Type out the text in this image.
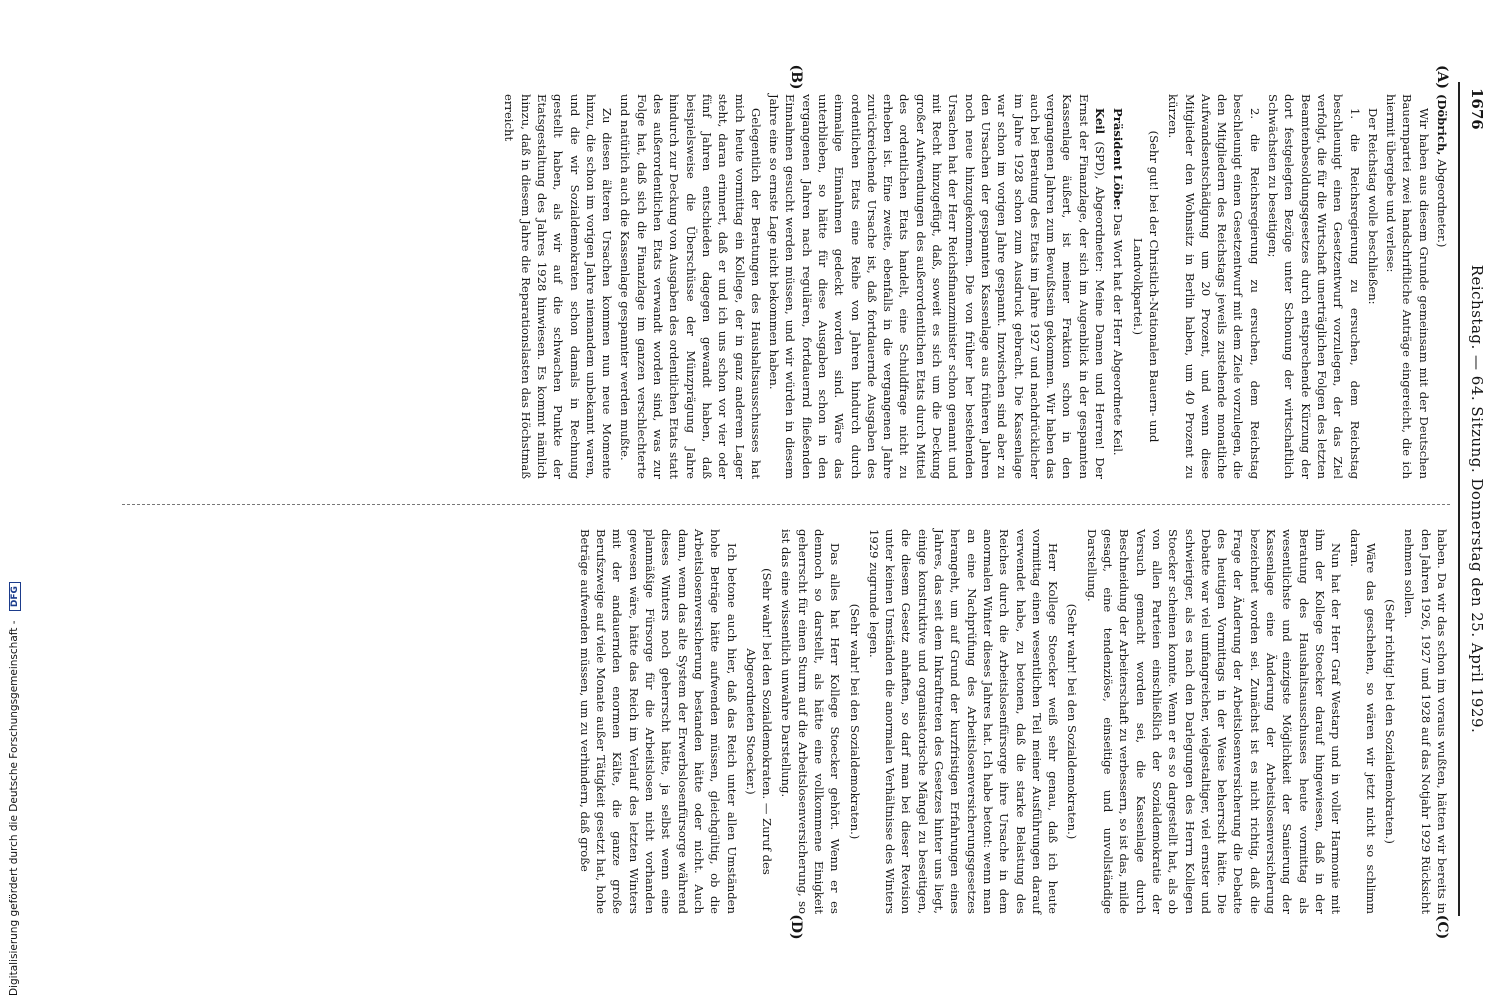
Digitalisierung gefördert durch die Deutsche Forschungsgemeinschaft - DFG
1676
Reichstag. — 64. Sitzung. Donnerstag den 25. April 1929.
(A)
(B)
(C)
(D)

(Döbrich, Abgeordneter.)

Wir haben aus diesem Grunde gemeinsam mit der Deutschen Bauernpartei zwei handschriftliche Anträge eingereicht, die ich hiermit übergebe und verlese:

Der Reichstag wolle beschließen:

1. die Reichsregierung zu ersuchen, dem Reichstag beschleunigt einen Gesetzentwurf vorzulegen, der das Ziel verfolgt, die für die Wirtschaft unerträglichen Folgen des letzten Beamtenbesoldungsgesetzes durch entsprechende Kürzung der dort festgelegten Bezüge unter Schonung der wirtschaftlich Schwächsten zu beseitigen;

2. die Reichsregierung zu ersuchen, dem Reichstag beschleunigt einen Gesetzentwurf mit dem Ziele vorzulegen, die den Mitgliedern des Reichstags jeweils zustehende monatliche Aufwandsentschädigung um 20 Prozent, und wenn diese Mitglieder den Wohnsitz in Berlin haben, um 40 Prozent zu kürzen.

(Sehr gut! bei der Christlich-Nationalen Bauern- und Landvolkpartei.)

Präsident Löbe: Das Wort hat der Herr Abgeordnete Keil.

Keil (SPD), Abgeordneter: Meine Damen und Herren! Der Ernst der Finanzlage, der sich im Augenblick in der gespannten Kassenlage äußert, ist meiner Fraktion schon in den vergangenen Jahren zum Bewußtsein gekommen. Wir haben das auch bei Beratung des Etats im Jahre 1927 und nachdrücklicher im Jahre 1928 schon zum Ausdruck gebracht. Die Kassenlage war schon im vorigen Jahre gespannt. Inzwischen sind aber zu den Ursachen der gespannten Kassenlage aus früheren Jahren noch neue hinzugekommen. Die von früher her bestehenden Ursachen hat der Herr Reichsfinanzminister schon genannt und mit Recht hinzugefügt, daß, soweit es sich um die Deckung großer Aufwendungen des außerordentlichen Etats durch Mittel des ordentlichen Etats handelt, eine Schuldfrage nicht zu erheben ist. Eine zweite, ebenfalls in die vergangenen Jahre zurückreichende Ursache ist, daß fortdauernde Ausgaben des ordentlichen Etats eine Reihe von Jahren hindurch durch einmalige Einnahmen gedeckt worden sind. Wäre das unterblieben, so hätte für diese Ausgaben schon in den vergangenen Jahren nach regulären, fortdauernd fließenden Einnahmen gesucht werden müssen, und wir würden in diesem Jahre eine so ernste Lage nicht bekommen haben.

Gelegentlich der Beratungen des Haushaltsausschusses hat mich heute vormittag ein Kollege, der in ganz anderem Lager steht, daran erinnert, daß er und ich uns schon vor vier oder fünf Jahren entschieden dagegen gewandt haben, daß beispielsweise die Überschüsse der Münzprägung Jahre hindurch zur Deckung von Ausgaben des ordentlichen Etats statt des außerordentlichen Etats verwandt worden sind, was zur Folge hat, daß sich die Finanzlage im ganzen verschlechterte und natürlich auch die Kassenlage gespannter werden mußte.

Zu diesen älteren Ursachen kommen nun neue Momente hinzu, die schon im vorigen Jahre niemandem unbekannt waren, und die wir Sozialdemokraten schon damals in Rechnung gestellt haben, als wir auf die schwachen Punkte der Etatsgestaltung des Jahres 1928 hinwiesen. Es kommt nämlich hinzu, daß in diesem Jahre die Reparationslasten das Höchstmaß erreicht

haben. Da wir das schon im voraus wußten, hätten wir bereits in den Jahren 1926, 1927 und 1928 auf das Notjahr 1929 Rücksicht nehmen sollen.

(Sehr richtig! bei den Sozialdemokraten.)

Wäre das geschehen, so wären wir jetzt nicht so schlimm daran.

Nun hat der Herr Graf Westarp und in voller Harmonie mit ihm der Kollege Stoecker darauf hingewiesen, daß in der Beratung des Haushaltsausschusses heute vormittag als wesentlichste und einzigste Möglichkeit der Sanierung der Kassenlage eine Änderung der Arbeitslosenversicherung bezeichnet worden sei. Zunächst ist es nicht richtig, daß die Frage der Änderung der Arbeitslosenversicherung die Debatte des heutigen Vormittags in der Weise beherrscht hätte. Die Debatte war viel umfangreicher, vielgestaltiger, viel ernster und schwieriger, als es nach den Darlegungen des Herrn Kollegen Stoecker scheinen konnte. Wenn er es so dargestellt hat, als ob von allen Parteien einschließlich der Sozialdemokratie der Versuch gemacht worden sei, die Kassenlage durch Beschneidung der Arbeiterschaft zu verbessern, so ist das, milde gesagt, eine tendenziöse, einseitige und unvollständige Darstellung.

(Sehr wahr! bei den Sozialdemokraten.)

Herr Kollege Stoecker weiß sehr genau, daß ich heute vormittag einen wesentlichen Teil meiner Ausführungen darauf verwendet habe, zu betonen, daß die starke Belastung des Reiches durch die Arbeitslosenfürsorge ihre Ursache in dem anormalen Winter dieses Jahres hat. Ich habe betont: wenn man an eine Nachprüfung des Arbeitslosenversicherungsgesetzes herangeht, um auf Grund der kurzfristigen Erfahrungen eines Jahres, das seit dem Inkrafttreten des Gesetzes hinter uns liegt, einige konstruktive und organisatorische Mängel zu beseitigen, die diesem Gesetz anhaften, so darf man bei dieser Revision unter keinen Umständen die anormalen Verhältnisse des Winters 1929 zugrunde legen.

(Sehr wahr! bei den Sozialdemokraten.)

Das alles hat Herr Kollege Stoecker gehört. Wenn er es dennoch so darstellt, als hätte eine vollkommene Einigkeit geherrscht für einen Sturm auf die Arbeitslosenversicherung, so ist das eine wissentlich unwahre Darstellung.

(Sehr wahr! bei den Sozialdemokraten. — Zuruf des Abgeordneten Stoecker.)

Ich betone auch hier, daß das Reich unter allen Umständen hohe Beträge hätte aufwenden müssen, gleichgültig, ob die Arbeitslosenversicherung bestanden hätte oder nicht. Auch dann, wenn das alte System der Erwerbslosenfürsorge während dieses Winters noch geherrscht hätte, ja selbst wenn eine planmäßige Fürsorge für die Arbeitslosen nicht vorhanden gewesen wäre, hätte das Reich im Verlauf des letzten Winters mit der andauernden enormen Kälte, die ganze große Berufszweige auf viele Monate außer Tätigkeit gesetzt hat, hohe Beträge aufwenden müssen, um zu verhindern, daß große
